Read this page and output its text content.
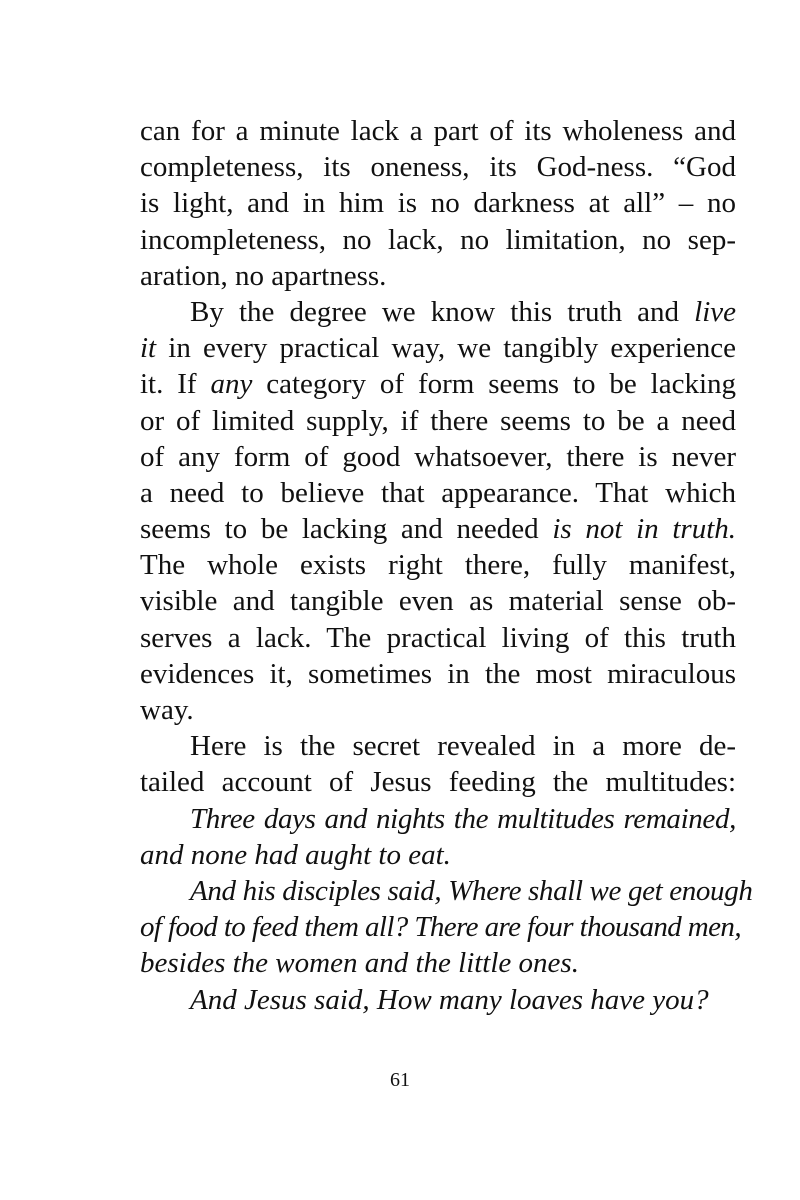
can for a minute lack a part of its wholeness and
completeness, its oneness, its God-ness. “God
is light, and in him is no darkness at all” – no
incompleteness, no lack, no limitation, no sep-
aration, no apartness.
By the degree we know this truth and live
it in every practical way, we tangibly experience
it. If any category of form seems to be lacking
or of limited supply, if there seems to be a need
of any form of good whatsoever, there is never
a need to believe that appearance. That which
seems to be lacking and needed is not in truth.
The whole exists right there, fully manifest,
visible and tangible even as material sense ob-
serves a lack. The practical living of this truth
evidences it, sometimes in the most miraculous
way.
Here is the secret revealed in a more de-
tailed account of Jesus feeding the multitudes:
Three days and nights the multitudes remained,
and none had aught to eat.
And his disciples said, Where shall we get enough
of food to feed them all? There are four thousand men,
besides the women and the little ones.
And Jesus said, How many loaves have you?
61
